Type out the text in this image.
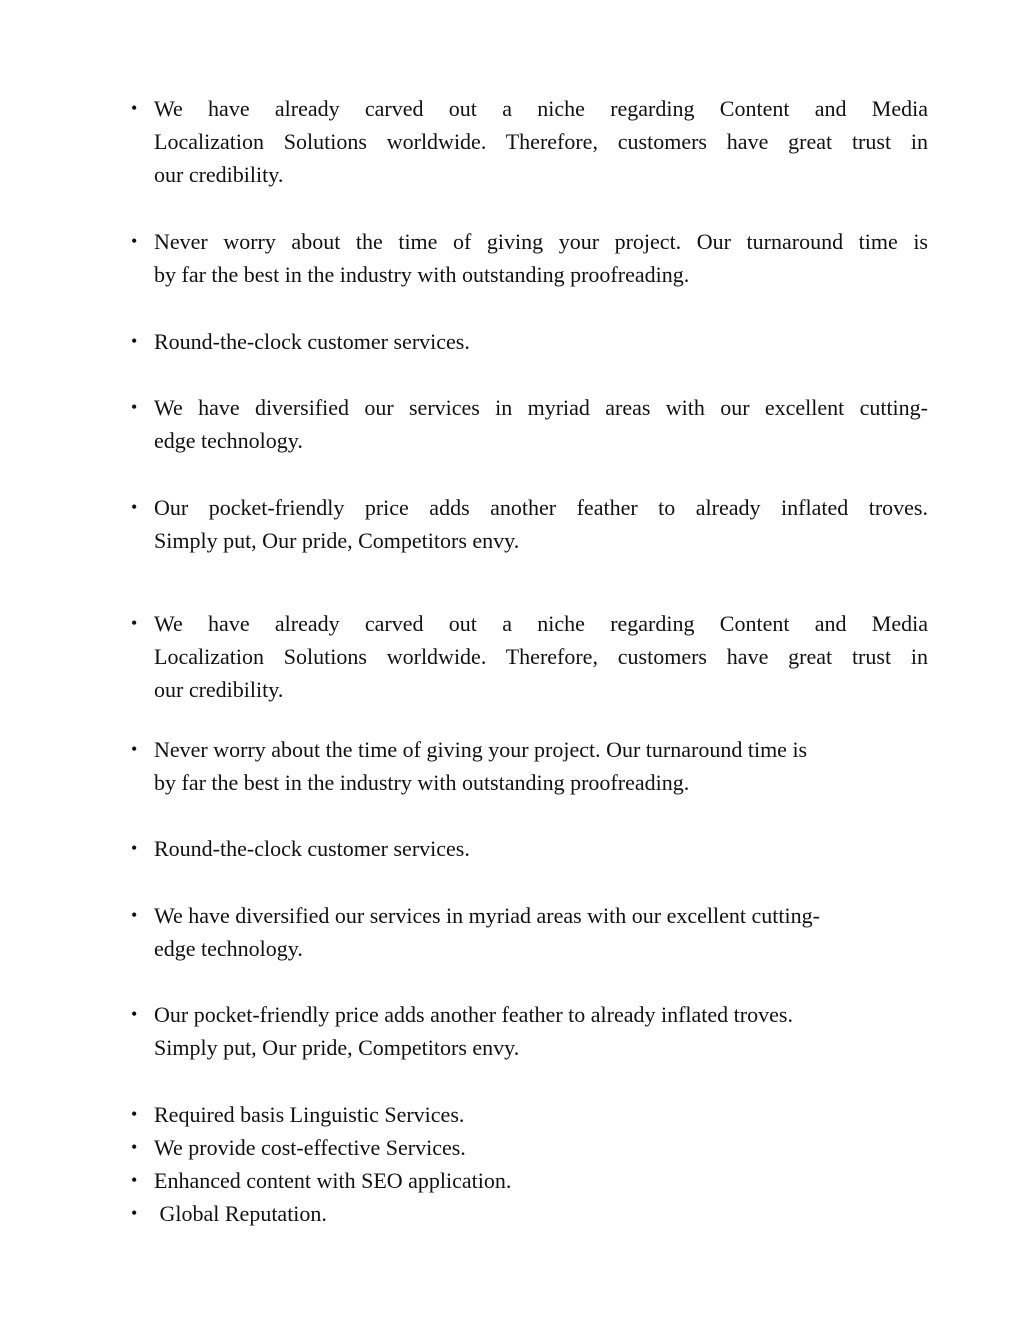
• We have already carved out a niche regarding Content and Media
Localization Solutions worldwide. Therefore, customers have great trust in
our credibility.
• Never worry about the time of giving your project. Our turnaround time is
by far the best in the industry with outstanding proofreading.
• Round-the-clock customer services.
• We have diversified our services in myriad areas with our excellent cutting-
edge technology.
• Our pocket-friendly price adds another feather to already inflated troves.
Simply put, Our pride, Competitors envy.
• We have already carved out a niche regarding Content and Media
Localization Solutions worldwide. Therefore, customers have great trust in
our credibility.
• Never worry about the time of giving your project. Our turnaround time is
by far the best in the industry with outstanding proofreading.
• Round-the-clock customer services.
• We have diversified our services in myriad areas with our excellent cutting-
edge technology.
• Our pocket-friendly price adds another feather to already inflated troves.
Simply put, Our pride, Competitors envy.
• Required basis Linguistic Services.
• We provide cost-effective Services.
• Enhanced content with SEO application.
•  Global Reputation.
